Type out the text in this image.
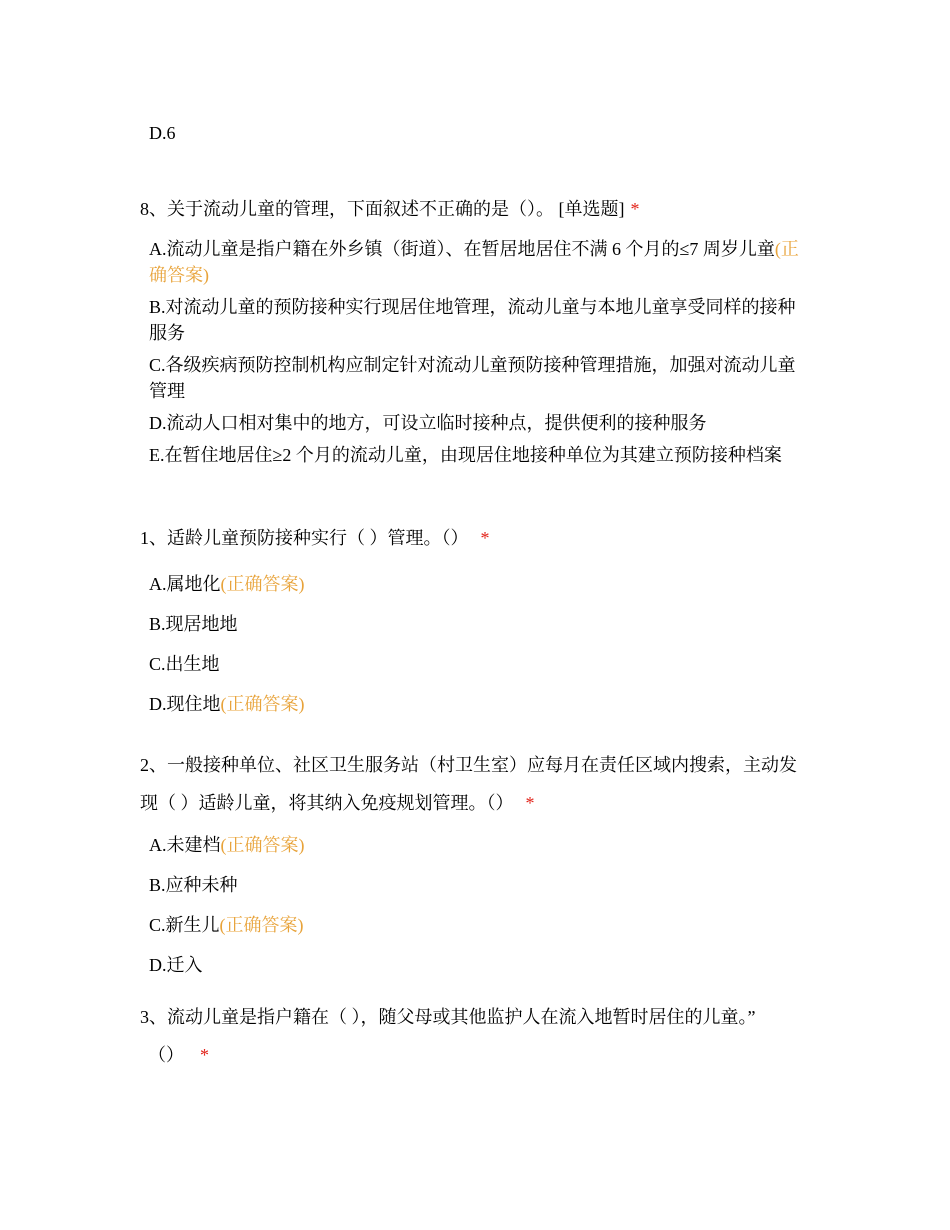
D.6

8、关于流动儿童的管理，下面叙述不正确的是（）。 [单选题] *

A.流动儿童是指户籍在外乡镇（街道）、在暂居地居住不满 6 个月的≤7 周岁儿童(正确答案)

B.对流动儿童的预防接种实行现居住地管理，流动儿童与本地儿童享受同样的接种服务

C.各级疾病预防控制机构应制定针对流动儿童预防接种管理措施，加强对流动儿童管理

D.流动人口相对集中的地方，可设立临时接种点，提供便利的接种服务

E.在暂住地居住≥2 个月的流动儿童，由现居住地接种单位为其建立预防接种档案

1、适龄儿童预防接种实行（ ）管理。（） *

A.属地化(正确答案)

B.现居地地

C.出生地

D.现住地(正确答案)

2、一般接种单位、社区卫生服务站（村卫生室）应每月在责任区域内搜索，主动发现（ ）适龄儿童，将其纳入免疫规划管理。（） *

A.未建档(正确答案)

B.应种未种

C.新生儿(正确答案)

D.迁入

3、流动儿童是指户籍在（ ），随父母或其他监护人在流入地暂时居住的儿童。”

（） *
